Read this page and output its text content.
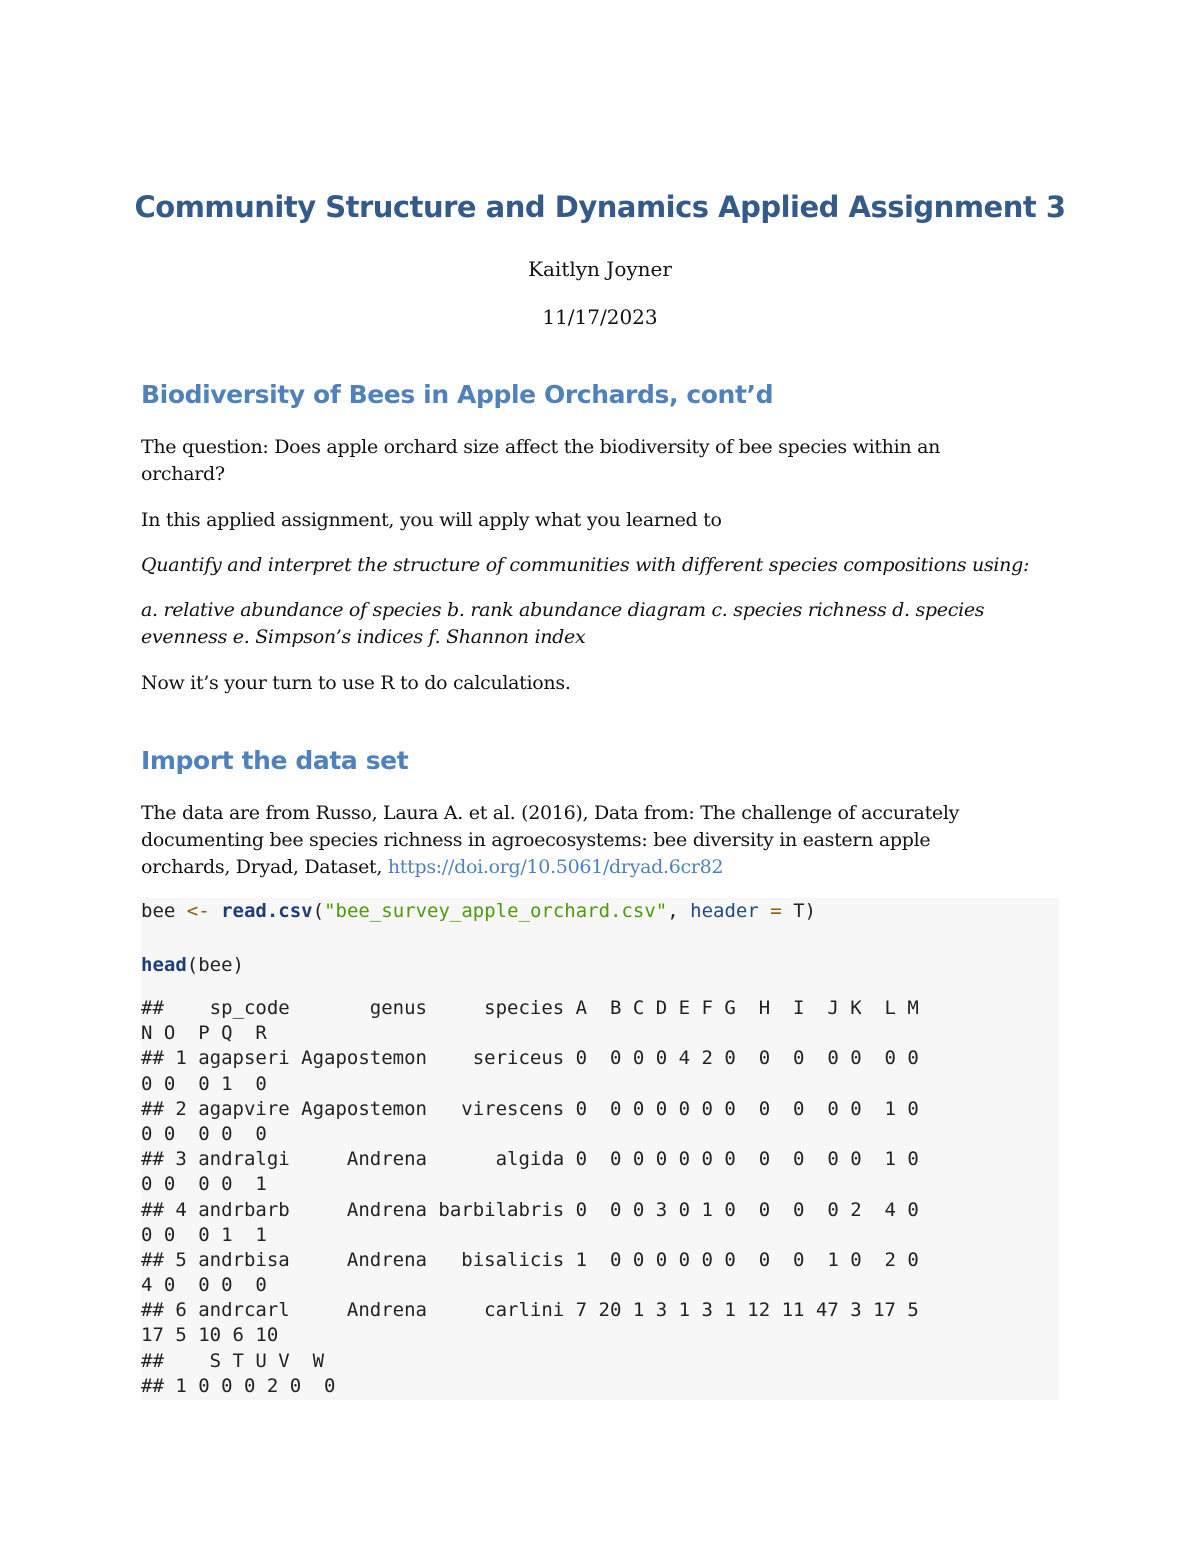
Community Structure and Dynamics Applied Assignment 3

Kaitlyn Joyner

11/17/2023

Biodiversity of Bees in Apple Orchards, cont’d

The question: Does apple orchard size affect the biodiversity of bee species within an
orchard?

In this applied assignment, you will apply what you learned to

Quantify and interpret the structure of communities with different species compositions using:

a. relative abundance of species b. rank abundance diagram c. species richness d. species
evenness e. Simpson’s indices f. Shannon index

Now it’s your turn to use R to do calculations.

Import the data set

The data are from Russo, Laura A. et al. (2016), Data from: The challenge of accurately
documenting bee species richness in agroecosystems: bee diversity in eastern apple
orchards, Dryad, Dataset, https://doi.org/10.5061/dryad.6cr82

bee <- read.csv("bee_survey_apple_orchard.csv", header = T)

head(bee)

##    sp_code       genus     species A  B C D E F G  H  I  J K  L M
N O  P Q  R
## 1 agapseri Agapostemon    sericeus 0  0 0 0 4 2 0  0  0  0 0  0 0
0 0  0 1  0
## 2 agapvire Agapostemon   virescens 0  0 0 0 0 0 0  0  0  0 0  1 0
0 0  0 0  0
## 3 andralgi     Andrena      algida 0  0 0 0 0 0 0  0  0  0 0  1 0
0 0  0 0  1
## 4 andrbarb     Andrena barbilabris 0  0 0 3 0 1 0  0  0  0 2  4 0
0 0  0 1  1
## 5 andrbisa     Andrena   bisalicis 1  0 0 0 0 0 0  0  0  1 0  2 0
4 0  0 0  0
## 6 andrcarl     Andrena     carlini 7 20 1 3 1 3 1 12 11 47 3 17 5
17 5 10 6 10
##    S T U V  W
## 1 0 0 0 2 0  0
